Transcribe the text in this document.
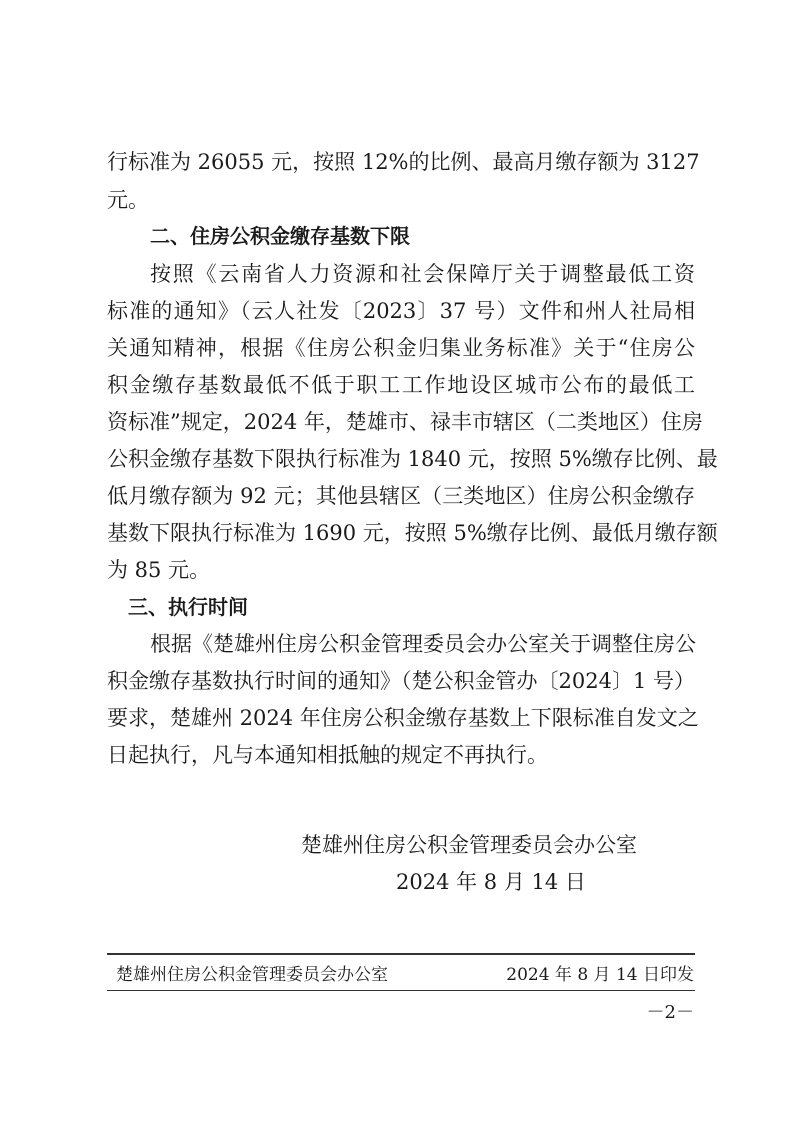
行标准为 26055 元，按照 12%的比例、最高月缴存额为 3127
元。
二、住房公积金缴存基数下限
按照《云南省人力资源和社会保障厅关于调整最低工资
标准的通知》（云人社发〔2023〕37 号）文件和州人社局相
关通知精神，根据《住房公积金归集业务标准》关于“住房公
积金缴存基数最低不低于职工工作地设区城市公布的最低工
资标准”规定，2024 年，楚雄市、禄丰市辖区（二类地区）住房
公积金缴存基数下限执行标准为 1840 元，按照 5%缴存比例、最
低月缴存额为 92 元；其他县辖区（三类地区）住房公积金缴存
基数下限执行标准为 1690 元，按照 5%缴存比例、最低月缴存额
为 85 元。
三、执行时间
根据《楚雄州住房公积金管理委员会办公室关于调整住房公
积金缴存基数执行时间的通知》（楚公积金管办〔2024〕1 号）
要求，楚雄州 2024 年住房公积金缴存基数上下限标准自发文之
日起执行，凡与本通知相抵触的规定不再执行。
楚雄州住房公积金管理委员会办公室
2024 年 8 月 14 日
楚雄州住房公积金管理委员会办公室	2024 年 8 月 14 日印发
－2－
